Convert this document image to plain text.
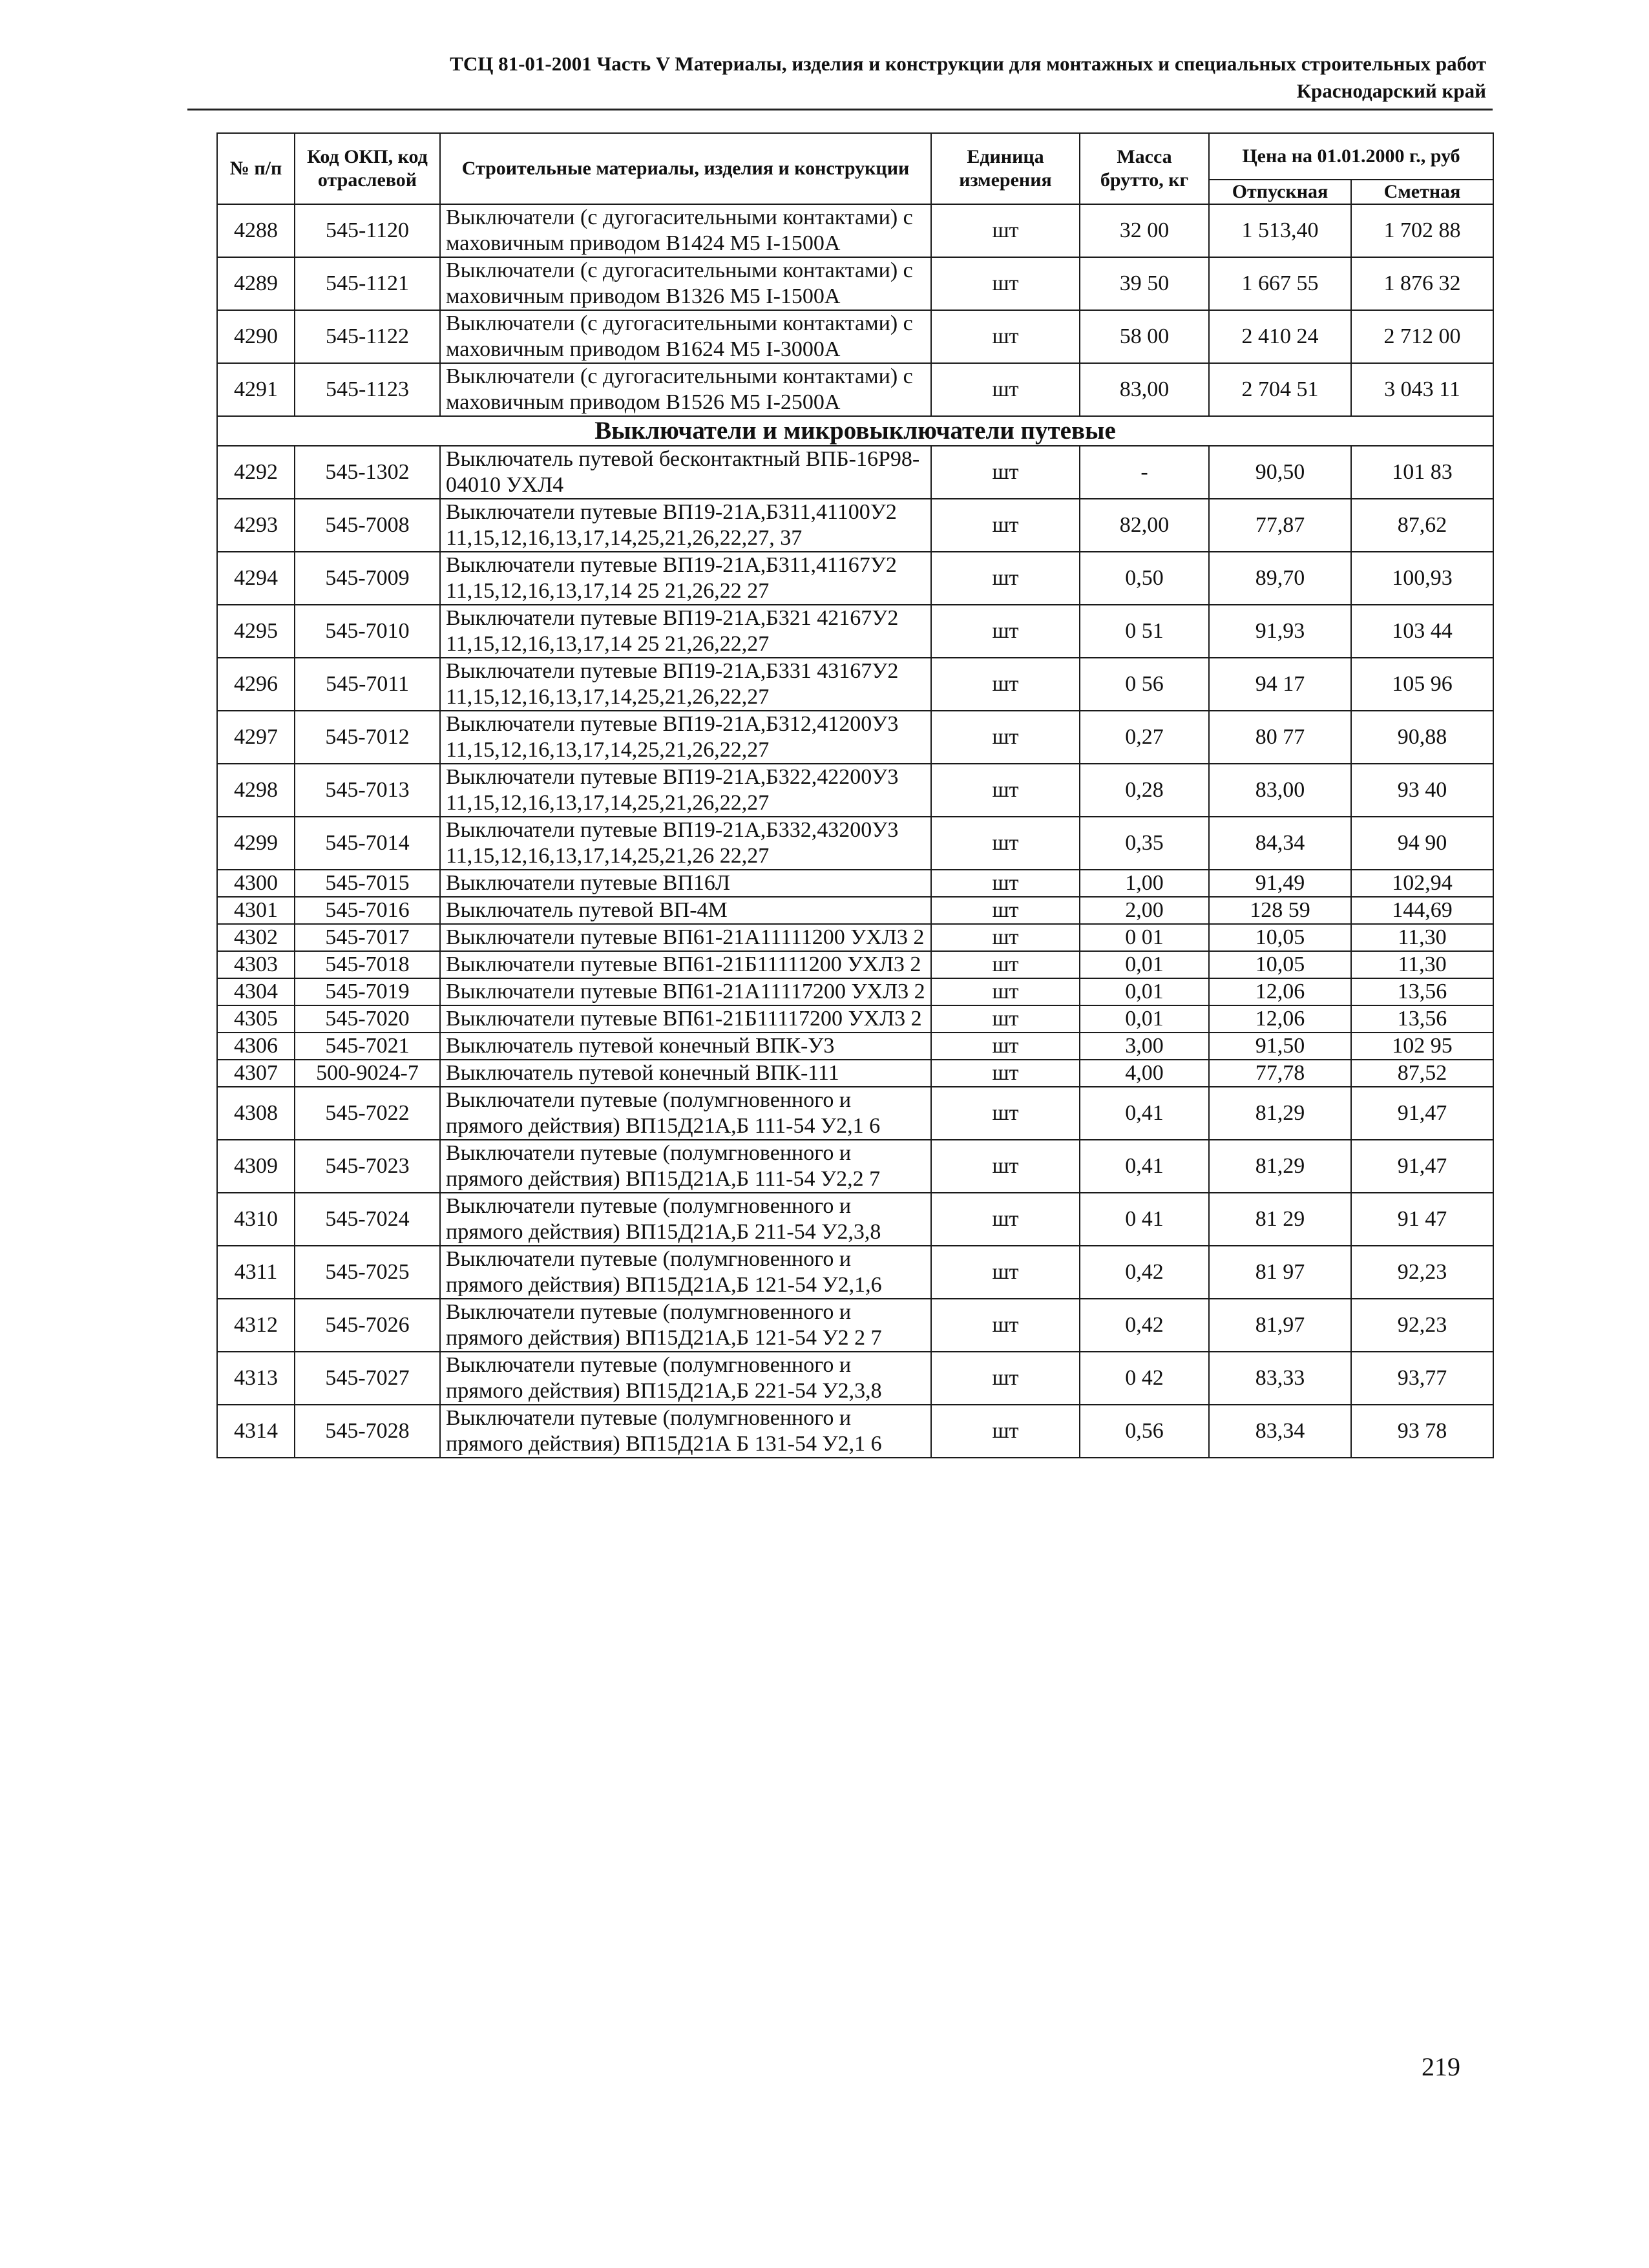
ТСЦ 81-01-2001 Часть V Материалы, изделия и конструкции для монтажных и специальных строительных работ
Краснодарский край
№ п/п	Код ОКП, код отраслевой	Строительные материалы, изделия и конструкции	Единица измерения	Масса брутто, кг	Цена на 01.01.2000 г., руб	
					Отпускная	Сметная
4288	545-1120	Выключатели (с дугогасительными контактами) с маховичным приводом В1424 М5 I-1500А	шт	32 00	1 513,40	1 702 88
4289	545-1121	Выключатели (с дугогасительными контактами) с маховичным приводом В1326 М5 I-1500А	шт	39 50	1 667 55	1 876 32
4290	545-1122	Выключатели (с дугогасительными контактами) с маховичным приводом В1624 М5 I-3000А	шт	58 00	2 410 24	2 712 00
4291	545-1123	Выключатели (с дугогасительными контактами) с маховичным приводом В1526 М5 I-2500А	шт	83,00	2 704 51	3 043 11
Выключатели и микровыключатели путевые						
4292	545-1302	Выключатель путевой бесконтактный ВПБ-16Р98-04010 УХЛ4	шт	-	90,50	101 83
4293	545-7008	Выключатели путевые ВП19-21А,Б311,41100У2 11,15,12,16,13,17,14,25,21,26,22,27, 37	шт	82,00	77,87	87,62
4294	545-7009	Выключатели путевые ВП19-21А,Б311,41167У2 11,15,12,16,13,17,14 25 21,26,22 27	шт	0,50	89,70	100,93
4295	545-7010	Выключатели путевые ВП19-21А,Б321 42167У2 11,15,12,16,13,17,14 25 21,26,22,27	шт	0 51	91,93	103 44
4296	545-7011	Выключатели путевые ВП19-21А,Б331 43167У2 11,15,12,16,13,17,14,25,21,26,22,27	шт	0 56	94 17	105 96
4297	545-7012	Выключатели путевые ВП19-21А,Б312,41200У3 11,15,12,16,13,17,14,25,21,26,22,27	шт	0,27	80 77	90,88
4298	545-7013	Выключатели путевые ВП19-21А,Б322,42200У3 11,15,12,16,13,17,14,25,21,26,22,27	шт	0,28	83,00	93 40
4299	545-7014	Выключатели путевые ВП19-21А,Б332,43200У3 11,15,12,16,13,17,14,25,21,26 22,27	шт	0,35	84,34	94 90
4300	545-7015	Выключатели путевые ВП16Л	шт	1,00	91,49	102,94
4301	545-7016	Выключатель путевой ВП-4М	шт	2,00	128 59	144,69
4302	545-7017	Выключатели путевые ВП61-21А11111200 УХЛ3 2	шт	0 01	10,05	11,30
4303	545-7018	Выключатели путевые ВП61-21Б11111200 УХЛ3 2	шт	0,01	10,05	11,30
4304	545-7019	Выключатели путевые ВП61-21А11117200 УХЛ3 2	шт	0,01	12,06	13,56
4305	545-7020	Выключатели путевые ВП61-21Б11117200 УХЛ3 2	шт	0,01	12,06	13,56
4306	545-7021	Выключатель путевой конечный ВПК-У3	шт	3,00	91,50	102 95
4307	500-9024-7	Выключатель путевой конечный ВПК-111	шт	4,00	77,78	87,52
4308	545-7022	Выключатели путевые (полумгновенного и прямого действия) ВП15Д21А,Б 111-54 У2,1 6	шт	0,41	81,29	91,47
4309	545-7023	Выключатели путевые (полумгновенного и прямого действия) ВП15Д21А,Б 111-54 У2,2 7	шт	0,41	81,29	91,47
4310	545-7024	Выключатели путевые (полумгновенного и прямого действия) ВП15Д21А,Б 211-54 У2,3,8	шт	0 41	81 29	91 47
4311	545-7025	Выключатели путевые (полумгновенного и прямого действия) ВП15Д21А,Б 121-54 У2,1,6	шт	0,42	81 97	92,23
4312	545-7026	Выключатели путевые (полумгновенного и прямого действия) ВП15Д21А,Б 121-54 У2 2 7	шт	0,42	81,97	92,23
4313	545-7027	Выключатели путевые (полумгновенного и прямого действия) ВП15Д21А,Б 221-54 У2,3,8	шт	0 42	83,33	93,77
4314	545-7028	Выключатели путевые (полумгновенного и прямого действия) ВП15Д21А Б 131-54 У2,1 6	шт	0,56	83,34	93 78
219
